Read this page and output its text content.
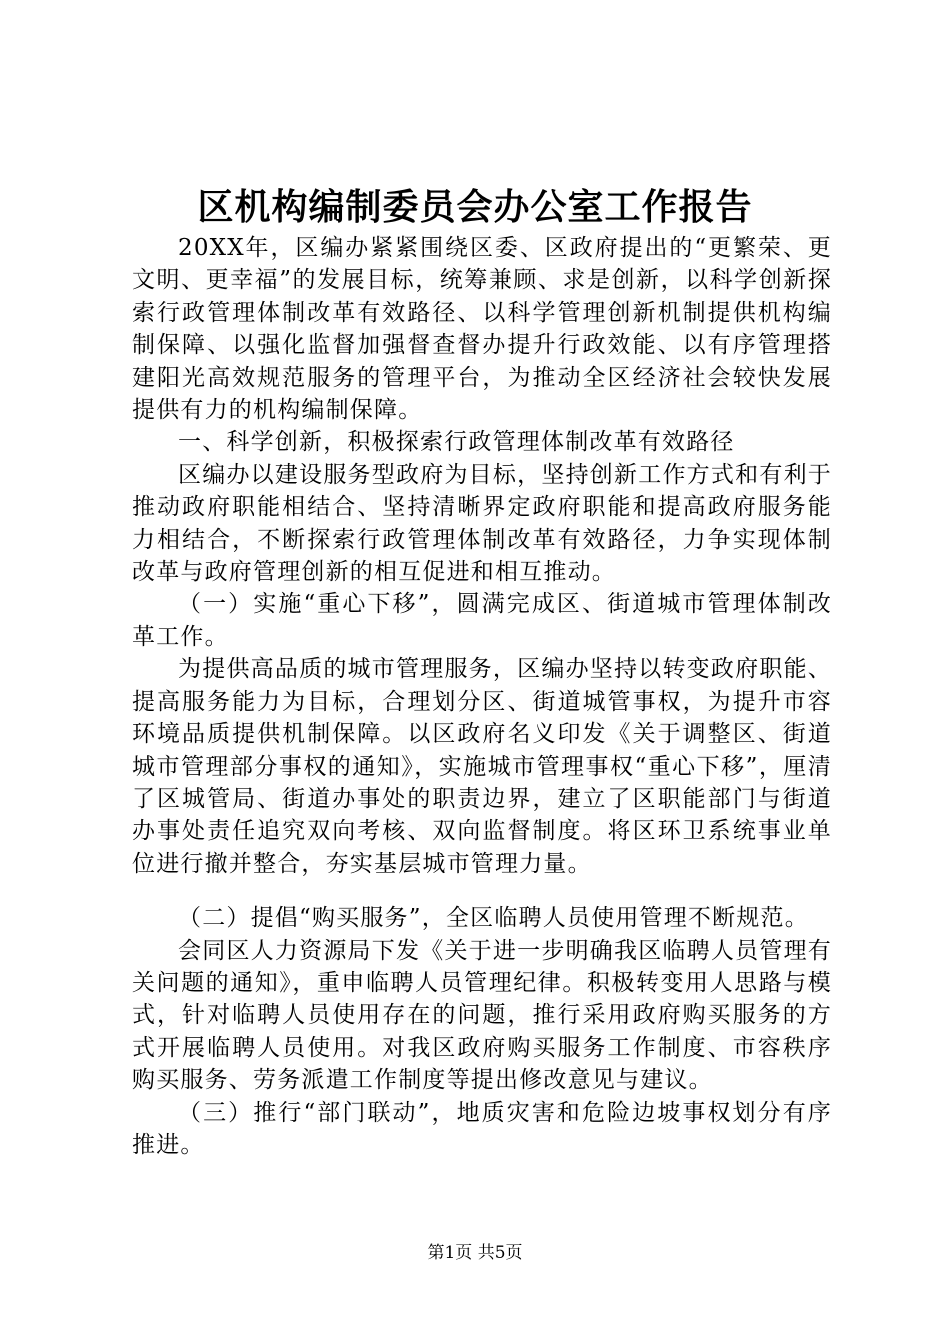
区机构编制委员会办公室工作报告

20XX年，区编办紧紧围绕区委、区政府提出的“更繁荣、更文明、更幸福”的发展目标，统筹兼顾、求是创新，以科学创新探索行政管理体制改革有效路径、以科学管理创新机制提供机构编制保障、以强化监督加强督查督办提升行政效能、以有序管理搭建阳光高效规范服务的管理平台，为推动全区经济社会较快发展提供有力的机构编制保障。

一、科学创新，积极探索行政管理体制改革有效路径

区编办以建设服务型政府为目标，坚持创新工作方式和有利于推动政府职能相结合、坚持清晰界定政府职能和提高政府服务能力相结合，不断探索行政管理体制改革有效路径，力争实现体制改革与政府管理创新的相互促进和相互推动。

（一）实施“重心下移”，圆满完成区、街道城市管理体制改革工作。

为提供高品质的城市管理服务，区编办坚持以转变政府职能、提高服务能力为目标，合理划分区、街道城管事权，为提升市容环境品质提供机制保障。以区政府名义印发《关于调整区、街道城市管理部分事权的通知》，实施城市管理事权“重心下移”，厘清了区城管局、街道办事处的职责边界，建立了区职能部门与街道办事处责任追究双向考核、双向监督制度。将区环卫系统事业单位进行撤并整合，夯实基层城市管理力量。

（二）提倡“购买服务”，全区临聘人员使用管理不断规范。

会同区人力资源局下发《关于进一步明确我区临聘人员管理有关问题的通知》，重申临聘人员管理纪律。积极转变用人思路与模式，针对临聘人员使用存在的问题，推行采用政府购买服务的方式开展临聘人员使用。对我区政府购买服务工作制度、市容秩序购买服务、劳务派遣工作制度等提出修改意见与建议。

（三）推行“部门联动”，地质灾害和危险边坡事权划分有序推进。

第1页 共5页
